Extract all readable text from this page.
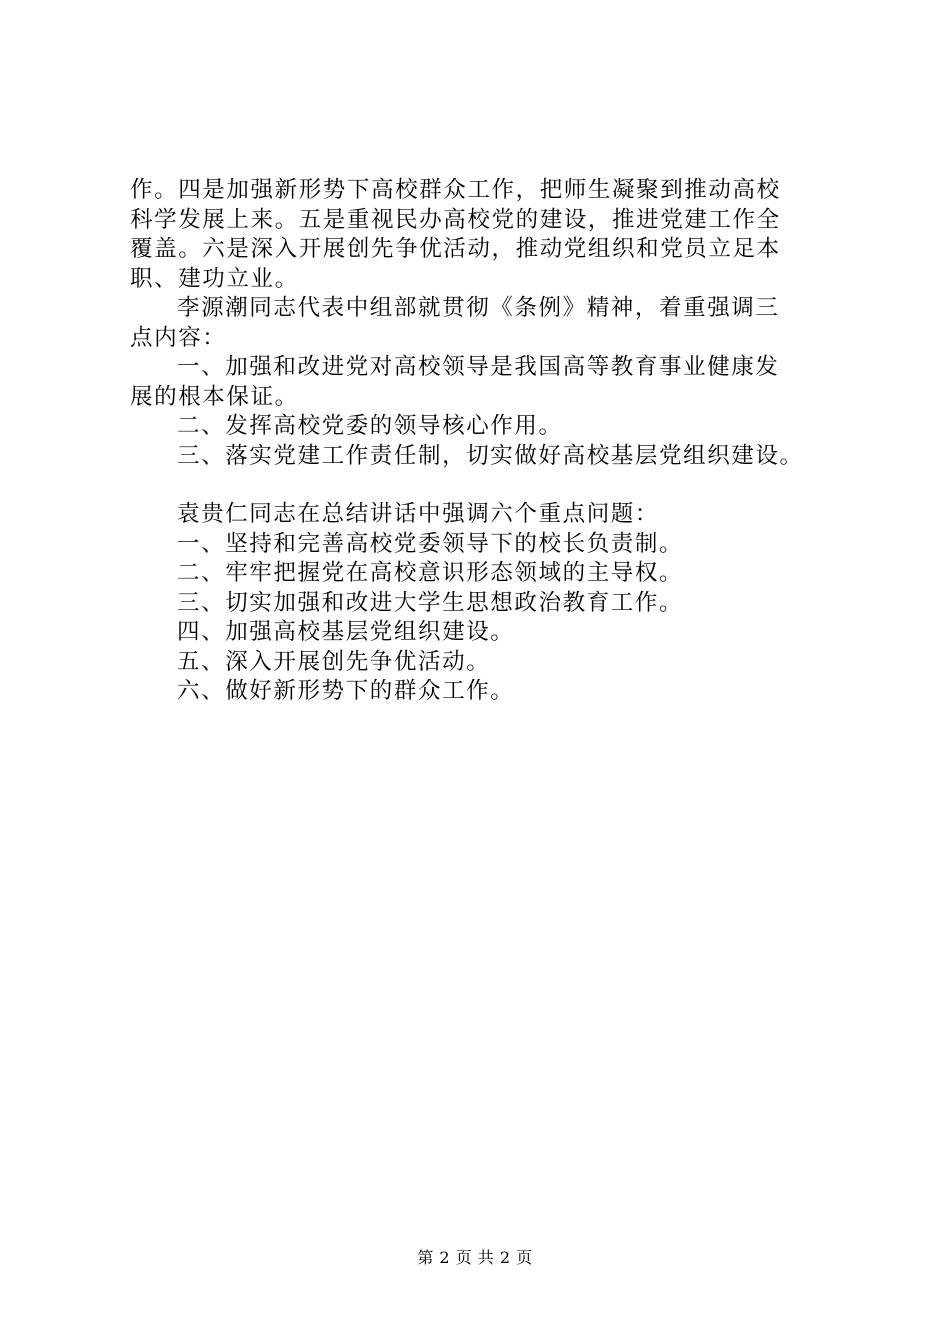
作。四是加强新形势下高校群众工作，把师生凝聚到推动高校

科学发展上来。五是重视民办高校党的建设，推进党建工作全

覆盖。六是深入开展创先争优活动，推动党组织和党员立足本

职、建功立业。

李源潮同志代表中组部就贯彻《条例》精神，着重强调三

点内容：

一、加强和改进党对高校领导是我国高等教育事业健康发

展的根本保证。

二、发挥高校党委的领导核心作用。

三、落实党建工作责任制，切实做好高校基层党组织建设。

袁贵仁同志在总结讲话中强调六个重点问题：

一、坚持和完善高校党委领导下的校长负责制。

二、牢牢把握党在高校意识形态领域的主导权。

三、切实加强和改进大学生思想政治教育工作。

四、加强高校基层党组织建设。

五、深入开展创先争优活动。

六、做好新形势下的群众工作。

第 2 页 共 2 页
